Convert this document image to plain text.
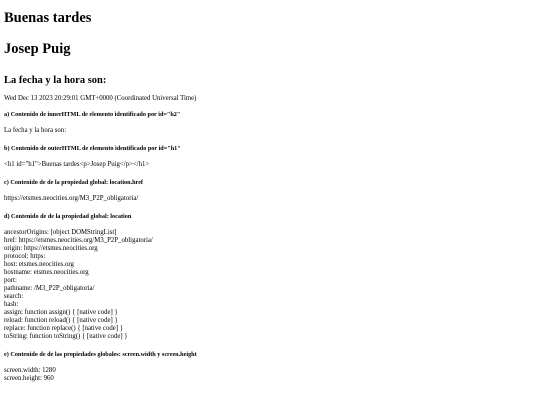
Buenas tardes
Josep Puig
La fecha y la hora son:

Wed Dec 13 2023 20:29:01 GMT+0000 (Coordinated Universal Time)

a) Contenido de innerHTML de elemento identificado por id="h2"

La fecha y la hora son:

b) Contenido de outerHTML de elemento identificado por id="h1"

<h1 id="h1">Buenas tardes<p>Josep Puig</p></h1>

c) Contenido de de la propiedad global: location.href

https://etsmes.neocities.org/M3_P2P_obligatoria/

d) Contenido de de la propiedad global: location
ancestorOrigins: [object DOMStringList]
href: https://etsmes.neocities.org/M3_P2P_obligatoria/
origin: https://etsmes.neocities.org
protocol: https:
host: etsmes.neocities.org
hostname: etsmes.neocities.org
port:
pathname: /M3_P2P_obligatoria/
search:
hash:
assign: function assign() { [native code] }
reload: function reload() { [native code] }
replace: function replace() { [native code] }
toString: function toString() { [native code] }
e) Contenido de de las propiedades globales: screen.width y screen.height
screen.width: 1280
screen.height: 960
